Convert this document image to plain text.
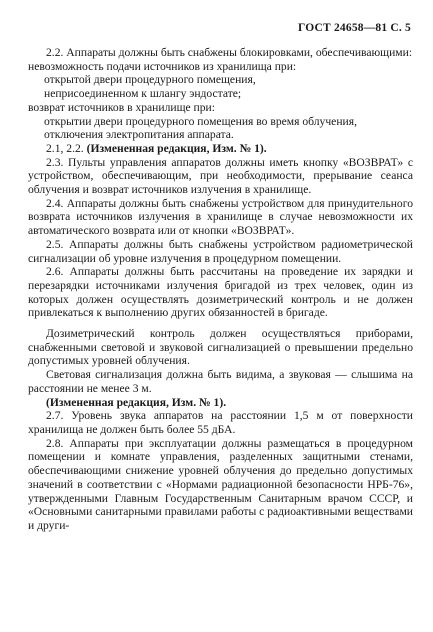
ГОСТ 24658—81 С. 5

2.2. Аппараты должны быть снабжены блокировками, обеспечивающими:

невозможность подачи источников из хранилища при:

открытой двери процедурного помещения,

неприсоединенном к шлангу эндостате;

возврат источников в хранилище при:

открытии двери процедурного помещения во время облучения,

отключения электропитания аппарата.

2.1, 2.2. (Измененная редакция, Изм. № 1).

2.3. Пульты управления аппаратов должны иметь кнопку «ВОЗВРАТ» с устройством, обеспечивающим, при необходимости, прерывание сеанса облучения и возврат источников излучения в хранилище.

2.4. Аппараты должны быть снабжены устройством для принудительного возврата источников излучения в хранилище в случае невозможности их автоматического возврата или от кнопки «ВОЗВРАТ».

2.5. Аппараты должны быть снабжены устройством радиометрической сигнализации об уровне излучения в процедурном помещении.

2.6. Аппараты должны быть рассчитаны на проведение их зарядки и перезарядки источниками излучения бригадой из трех человек, один из которых должен осуществлять дозиметрический контроль и не должен привлекаться к выполнению других обязанностей в бригаде.

Дозиметрический контроль должен осуществляться приборами, снабженными световой и звуковой сигнализацией о превышении предельно допустимых уровней облучения.

Световая сигнализация должна быть видима, а звуковая — слышима на расстоянии не менее 3 м.

(Измененная редакция, Изм. № 1).

2.7. Уровень звука аппаратов на расстоянии 1,5 м от поверхности хранилища не должен быть более 55 дБА.

2.8. Аппараты при эксплуатации должны размещаться в процедурном помещении и комнате управления, разделенных защитными стенами, обеспечивающими снижение уровней облучения до предельно допустимых значений в соответствии с «Нормами радиационной безопасности НРБ-76», утвержденными Главным Государственным Санитарным врачом СССР, и «Основными санитарными правилами работы с радиоактивными веществами и други-
